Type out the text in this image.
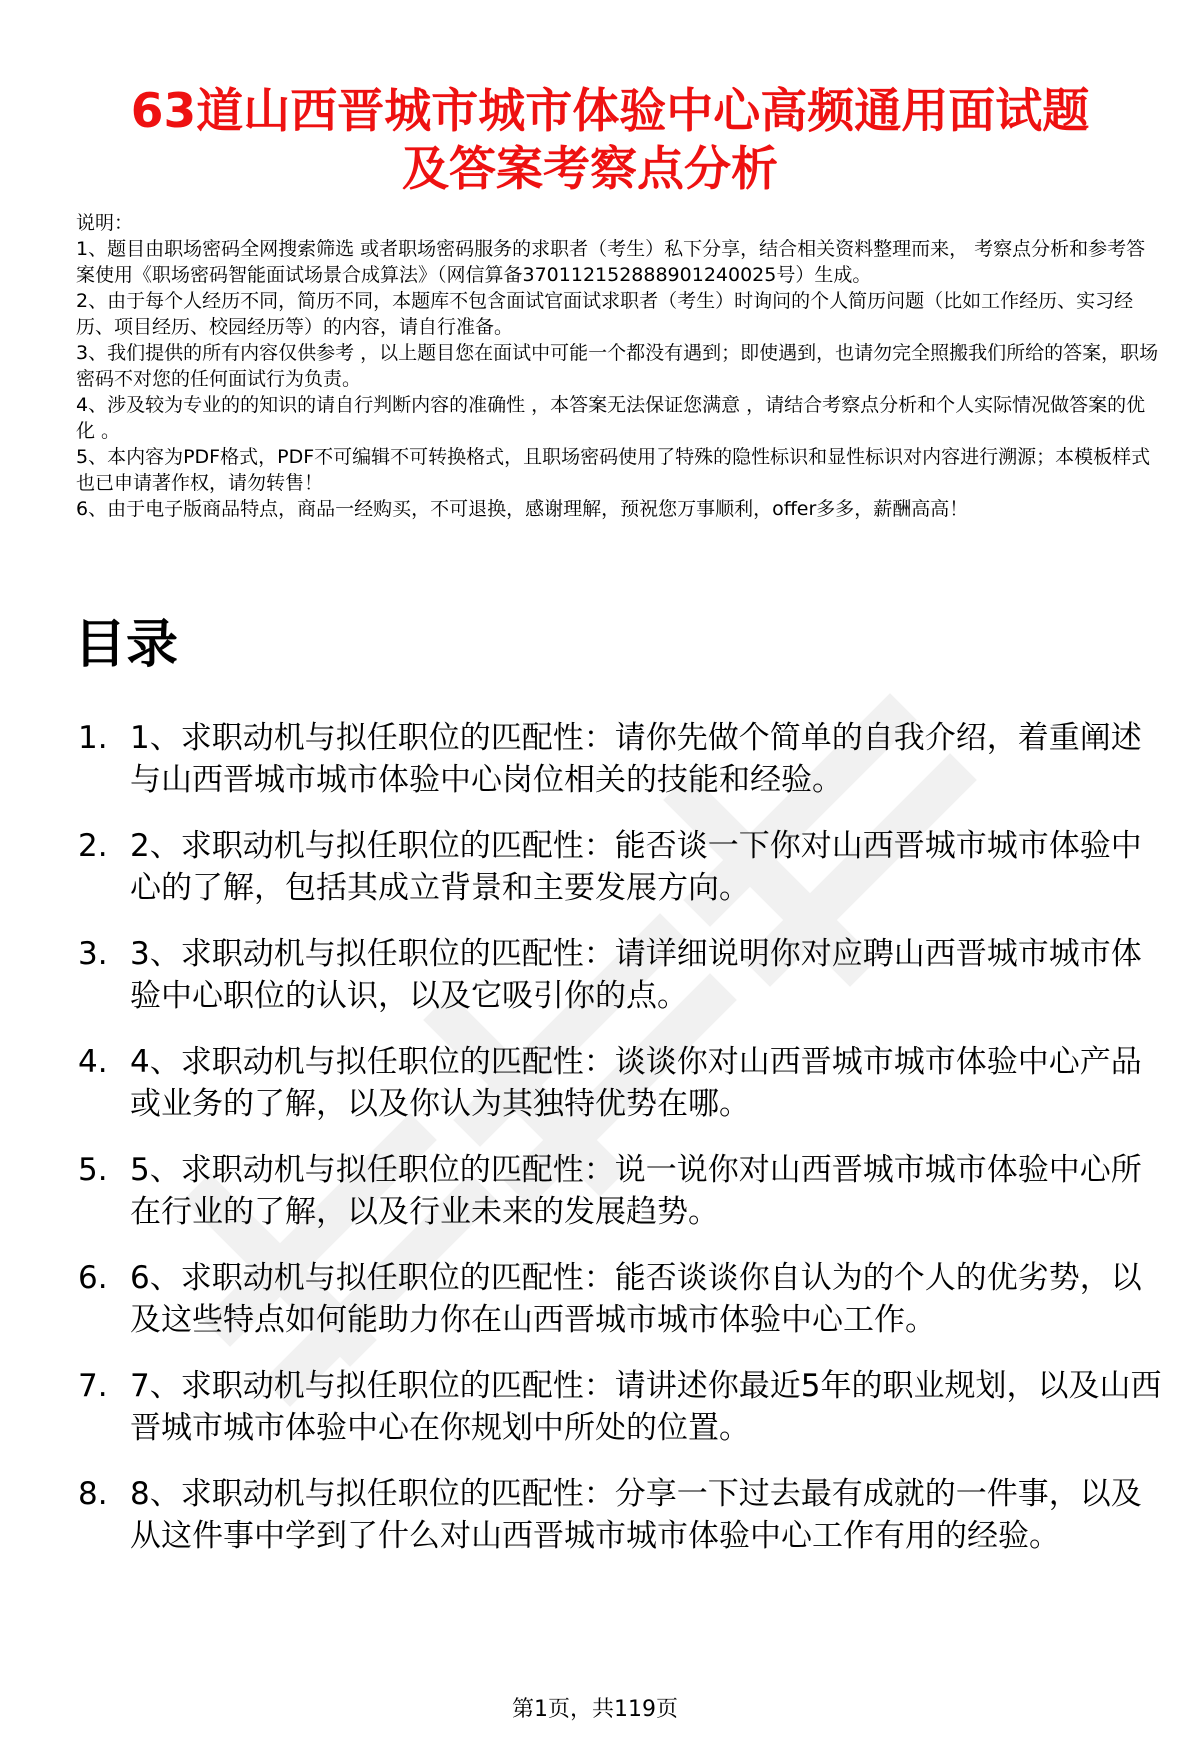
63道山西晋城市城市体验中心高频通用面试题
及答案考察点分析

说明：

1、题目由职场密码全网搜索筛选 或者职场密码服务的求职者（考生）私下分享，结合相关资料整理而来， 考察点分析和参考答案使用《职场密码智能面试场景合成算法》（网信算备370112152888901240025号）生成。

2、由于每个人经历不同，简历不同，本题库不包含面试官面试求职者（考生）时询问的个人简历问题（比如工作经历、实习经历、项目经历、校园经历等）的内容，请自行准备。

3、我们提供的所有内容仅供参考 ，以上题目您在面试中可能一个都没有遇到；即使遇到，也请勿完全照搬我们所给的答案，职场密码不对您的任何面试行为负责。

4、涉及较为专业的的知识的请自行判断内容的准确性 ，本答案无法保证您满意 ，请结合考察点分析和个人实际情况做答案的优化 。

5、本内容为PDF格式，PDF不可编辑不可转换格式，且职场密码使用了特殊的隐性标识和显性标识对内容进行溯源；本模板样式也已申请著作权，请勿转售！

6、由于电子版商品特点，商品一经购买，不可退换，感谢理解，预祝您万事顺利，offer多多，薪酬高高！

目录
1. 1、求职动机与拟任职位的匹配性：请你先做个简单的自我介绍，着重阐述与山西晋城市城市体验中心岗位相关的技能和经验。
2. 2、求职动机与拟任职位的匹配性：能否谈一下你对山西晋城市城市体验中心的了解，包括其成立背景和主要发展方向。
3. 3、求职动机与拟任职位的匹配性：请详细说明你对应聘山西晋城市城市体验中心职位的认识，以及它吸引你的点。
4. 4、求职动机与拟任职位的匹配性：谈谈你对山西晋城市城市体验中心产品或业务的了解，以及你认为其独特优势在哪。
5. 5、求职动机与拟任职位的匹配性：说一说你对山西晋城市城市体验中心所在行业的了解，以及行业未来的发展趋势。
6. 6、求职动机与拟任职位的匹配性：能否谈谈你自认为的个人的优劣势，以及这些特点如何能助力你在山西晋城市城市体验中心工作。
7. 7、求职动机与拟任职位的匹配性：请讲述你最近5年的职业规划，以及山西晋城市城市体验中心在你规划中所处的位置。
8. 8、求职动机与拟任职位的匹配性：分享一下过去最有成就的一件事，以及从这件事中学到了什么对山西晋城市城市体验中心工作有用的经验。
第1页，共119页
